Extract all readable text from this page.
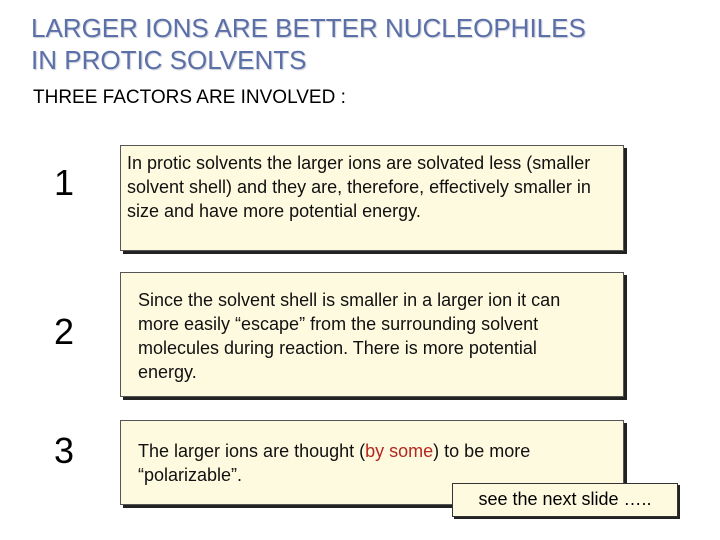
LARGER IONS ARE BETTER NUCLEOPHILES
IN PROTIC SOLVENTS
THREE FACTORS ARE INVOLVED :
1	In protic solvents the larger ions are solvated less (smaller solvent shell) and they are, therefore, effectively smaller in size and have more potential energy.
2
Since the solvent shell is smaller in a larger ion it can more easily “escape” from the surrounding solvent molecules during reaction. There is more potential energy.
3	The larger ions are thought (by some) to be more “polarizable”.
see the next slide …..
